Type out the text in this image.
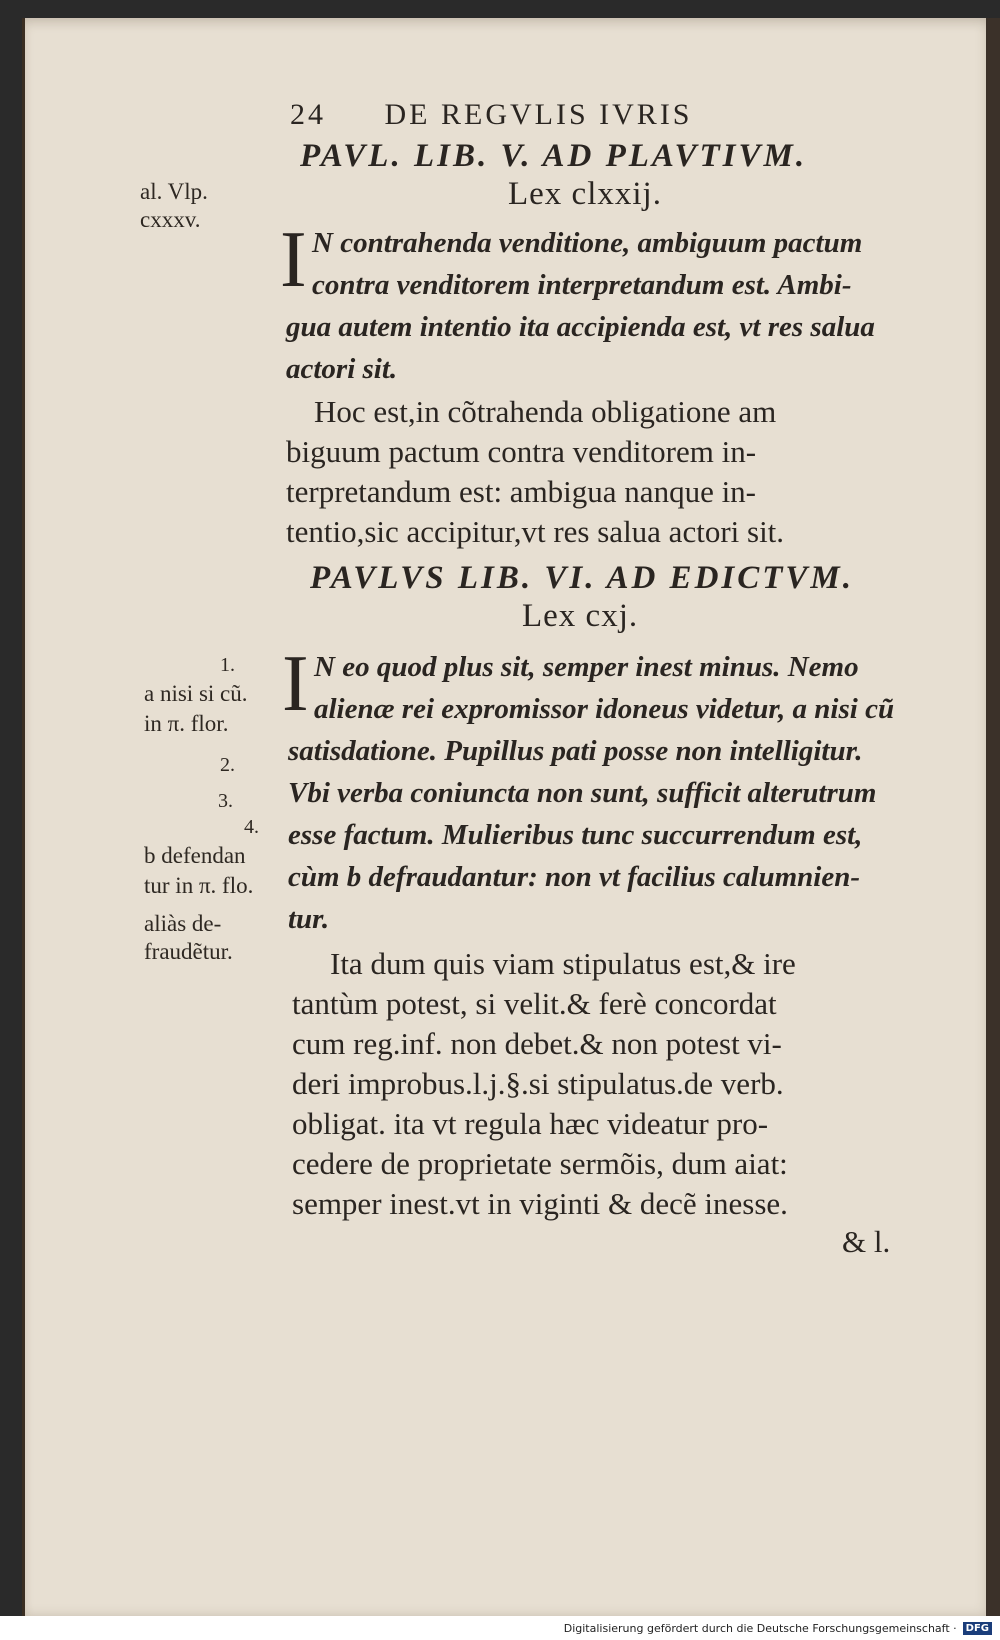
24 DE REGVLIS IVRIS
PAVL. LIB. V. AD PLAVTIVM.
Lex clxxij.
al. Vlp.
cxxxv. I N contrahenda venditione, ambiguum pactum
contra venditorem interpretandum est. Ambi-
gua autem intentio ita accipienda est, vt res salua
actori sit.
Hoc est,in cõtrahenda obligatione am
biguum pactum contra venditorem in-
terpretandum est: ambigua nanque in-
tentio,sic accipitur,vt res salua actori sit.
PAVLVS LIB. VI. AD EDICTVM.
Lex cxj.
1.
2.
3.
4.
a nisi si cũ.
in π. flor.
b defendan
tur in π. flo.
aliàs de-
fraudẽtur.
I N eo quod plus sit, semper inest minus. Nemo
alienæ rei expromissor idoneus videtur, a nisi cũ
satisdatione. Pupillus pati posse non intelligitur.
Vbi verba coniuncta non sunt, sufficit alterutrum
esse factum. Mulieribus tunc succurrendum est,
cùm b defraudantur: non vt facilius calumnien-
tur.
Ita dum quis viam stipulatus est,& ire
tantùm potest, si velit.& ferè concordat
cum reg.inf. non debet.& non potest vi-
deri improbus.l.j.§.si stipulatus.de verb.
obligat. ita vt regula hæc videatur pro-
cedere de proprietate sermõis, dum aiat:
semper inest.vt in viginti & decẽ inesse.
& l.
Digitalisierung gefördert durch die Deutsche Forschungsgemeinschaft · DFG
